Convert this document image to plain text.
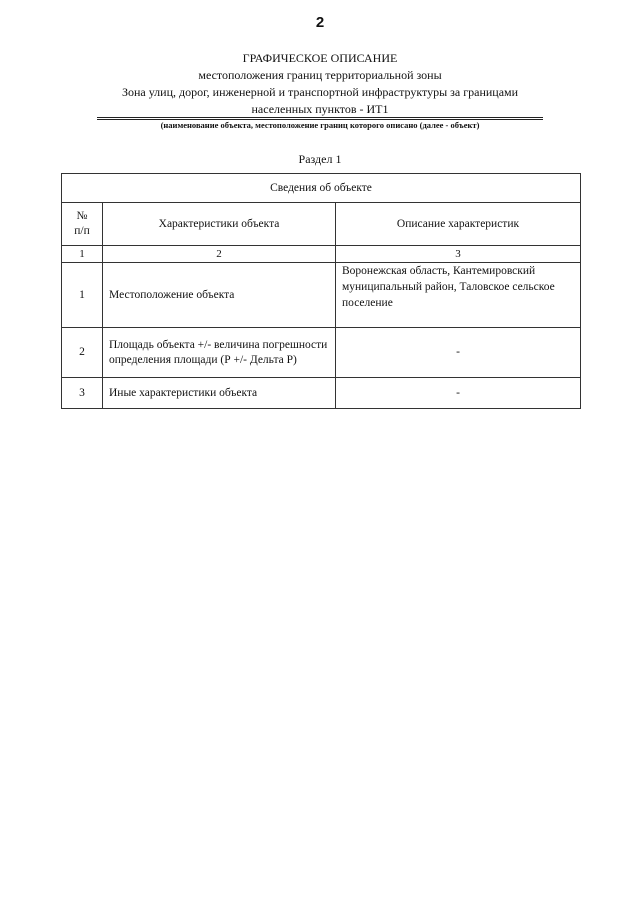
2
ГРАФИЧЕСКОЕ ОПИСАНИЕ
местоположения границ территориальной зоны
Зона улиц, дорог, инженерной и транспортной инфраструктуры за границами
населенных пунктов - ИТ1
(наименование объекта, местоположение границ которого описано (далее - объект)
Раздел 1
Сведения об объекте		
№
п/п	Характеристики объекта	Описание характеристик
1	2	3
1	Местоположение объекта	Воронежская область, Кантемировский муниципальный район, Таловское сельское поселение
2	Площадь объекта +/- величина погрешности определения площади (Р +/- Дельта Р)	-
3	Иные характеристики объекта	-
